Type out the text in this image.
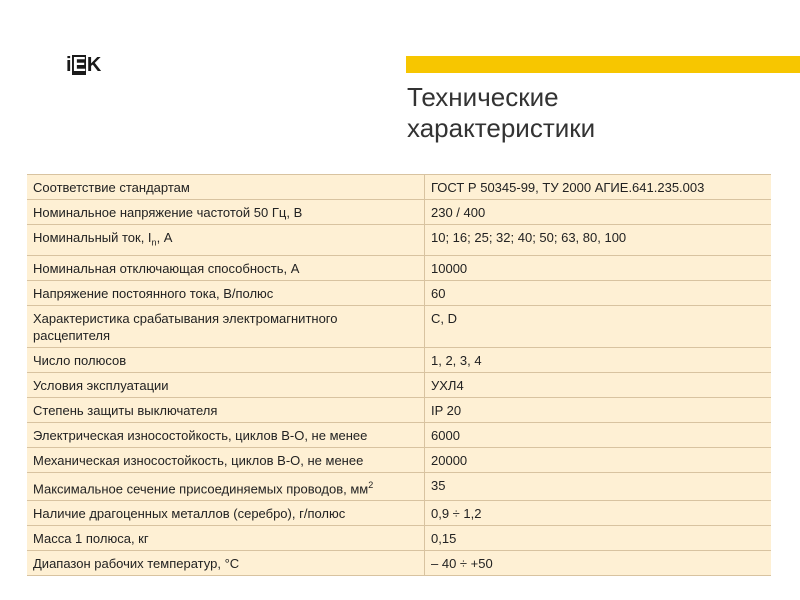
i E K
Технические
характеристики
Соответствие стандартам	ГОСТ Р 50345-99, ТУ 2000 АГИЕ.641.235.003
Номинальное напряжение частотой 50 Гц, В	230 / 400
Номинальный ток, $I_n$, А	10; 16; 25; 32; 40; 50; 63, 80, 100
Номинальная отключающая способность, А	10000
Напряжение постоянного тока, В/полюс	60
Характеристика срабатывания электромагнитного расцепителя	C, D
Число полюсов	1, 2, 3, 4
Условия эксплуатации	УХЛ4
Степень защиты выключателя	IP 20
Электрическая износостойкость, циклов В-О, не менее	6000
Механическая износостойкость, циклов В-О, не менее	20000
Максимальное сечение присоединяемых проводов, $мм^2$	35
Наличие драгоценных металлов (серебро), г/полюс	0,9 ÷ 1,2
Масса 1 полюса, кг	0,15
Диапазон рабочих температур, °С	– 40 ÷ +50
